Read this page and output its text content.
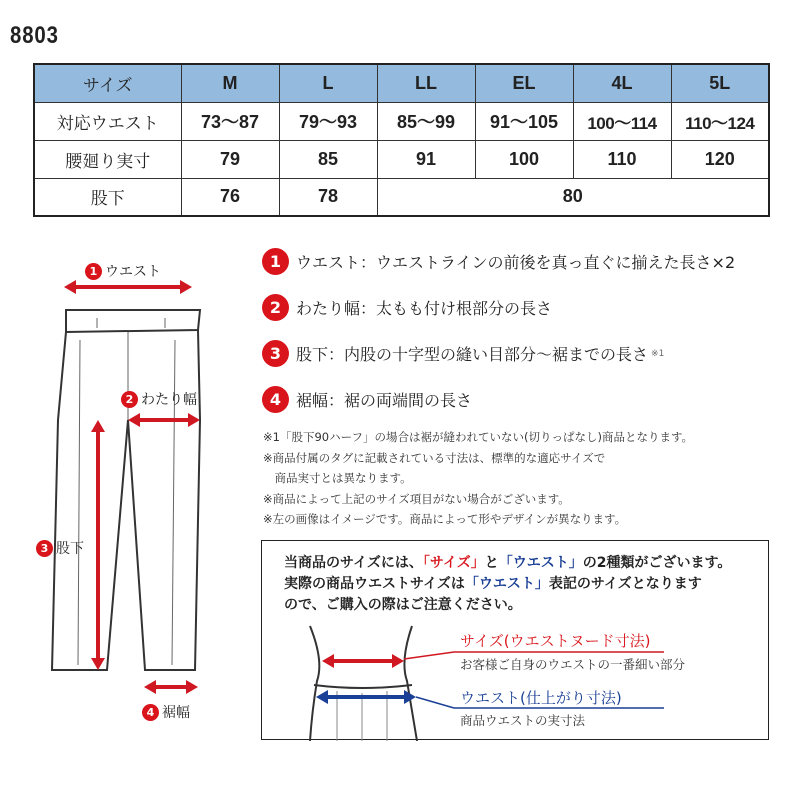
8803
サイズ	M	L	LL	EL	4L	5L
対応ウエスト	73〜87	79〜93	85〜99	91〜105	100〜114	110〜124
腰廻り実寸	79	85	91	100	110	120
股下	76	78	80			
1 ウエスト
2 わたり幅
3 股下
4 裾幅
1 ウエスト ：ウエストラインの前後を真っ直ぐに揃えた長さ×2
2 わたり幅 ：太もも付け根部分の長さ
3 股下 ：内股の十字型の縫い目部分〜裾までの長さ ※1
4 裾幅 ：裾の両端間の長さ
※1「股下90ハーフ」の場合は裾が縫われていない(切りっぱなし)商品となります。
※商品付属のタグに記載されている寸法は、標準的な適応サイズで
　商品実寸とは異なります。
※商品によって上記のサイズ項目がない場合がございます。
※左の画像はイメージです。商品によって形やデザインが異なります。
当商品のサイズには、「サイズ」と「ウエスト」の2種類がございます。
実際の商品ウエストサイズは「ウエスト」表記のサイズとなります
ので、ご購入の際はご注意ください。
サイズ(ウエストヌード寸法)
お客様ご自身のウエストの一番細い部分
ウエスト(仕上がり寸法)
商品ウエストの実寸法
